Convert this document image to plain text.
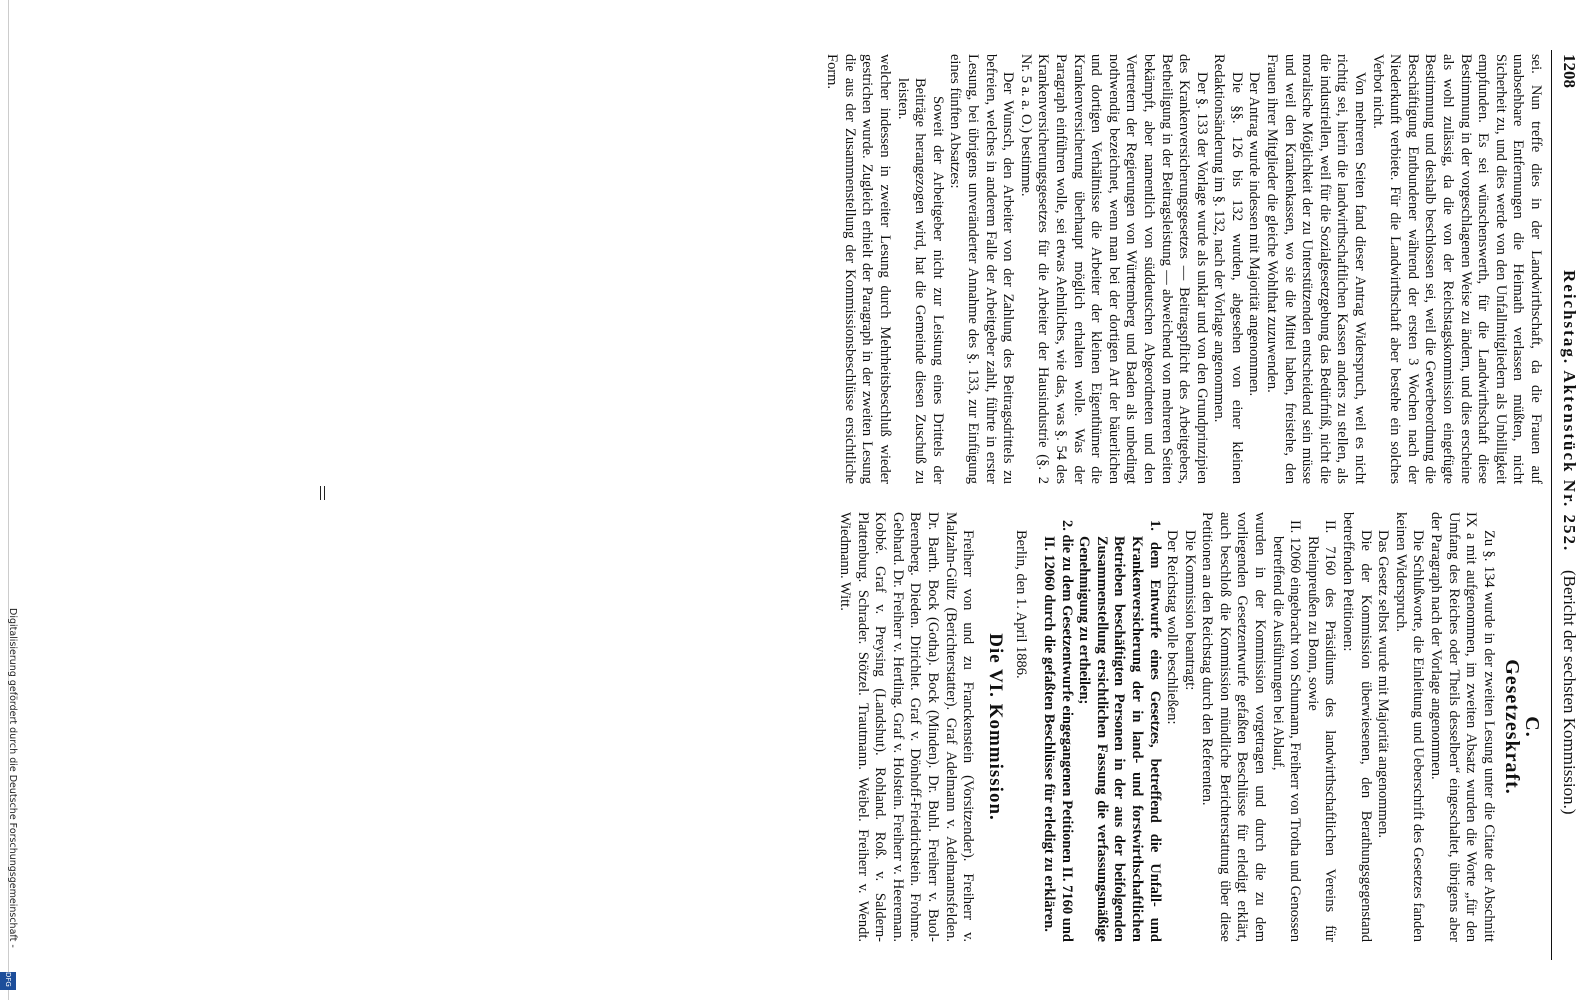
1208
Reichstag. Aktenstück Nr. 252.
(Bericht der sechsten Kommission.)

sei. Nun treffe dies in der Landwirthschaft, da die Frauen auf unabsehbare Entfernungen die Heimath verlassen müßten, nicht Sicherheit zu, und dies werde von den Unfallmitgliedern als Unbilligkeit empfunden. Es sei wünschenswerth, für die Landwirthschaft diese Bestimmung in der vorgeschlagenen Weise zu ändern, und dies erscheine als wohl zulässig, da die von der Reichstagskommission eingefügte Bestimmung und deshalb beschlossen sei, weil die Gewerbeordnung die Beschäftigung Entbundener während der ersten 3 Wochen nach der Niederkunft verbiete. Für die Landwirthschaft aber bestehe ein solches Verbot nicht.

Von mehreren Seiten fand dieser Antrag Widerspruch, weil es nicht richtig sei, hierin die landwirthschaftlichen Kassen anders zu stellen, als die industriellen, weil für die Sozialgesetzgebung das Bedürfniß, nicht die moralische Möglichkeit der zu Unterstützenden entscheidend sein müsse und weil den Krankenkassen, wo sie die Mittel haben, freistehe, den Frauen ihrer Mitglieder die gleiche Wohlthat zuzuwenden.

Der Antrag wurde indessen mit Majorität angenommen.

Die §§. 126 bis 132 wurden, abgesehen von einer kleinen Redaktionsänderung im §. 132, nach der Vorlage angenommen.

Der §. 133 der Vorlage wurde als unklar und von den Grundprinzipien des Krankenversicherungsgesetzes — Beitragspflicht des Arbeitgebers, Betheiligung in der Beitragsleistung — abweichend von mehreren Seiten bekämpft, aber namentlich von süddeutschen Abgeordneten und den Vertretern der Regierungen von Württemberg und Baden als unbedingt nothwendig bezeichnet, wenn man bei der dortigen Art der bäuerlichen und dortigen Verhältnisse die Arbeiter der kleinen Eigenthümer die Krankenversicherung überhaupt möglich erhalten wolle. Was der Paragraph einführen wolle, sei etwas Aehnliches, wie das, was §. 54 des Krankenversicherungsgesetzes für die Arbeiter der Hausindustrie (§. 2 Nr. 5 a. a. O.) bestimme.

Der Wunsch, den Arbeiter von der Zahlung des Beitragsdrittels zu befreien, welches in anderem Falle der Arbeitgeber zahlt, führte in erster Lesung, bei übrigens unveränderter Annahme des §. 133, zur Einfügung eines fünften Absatzes:

Soweit der Arbeitgeber nicht zur Leistung eines Drittels der Beiträge herangezogen wird, hat die Gemeinde diesen Zuschuß zu leisten.

welcher indessen in zweiter Lesung durch Mehrheitsbeschluß wieder gestrichen wurde. Zugleich erhielt der Paragraph in der zweiten Lesung die aus der Zusammenstellung der Kommissionsbeschlüsse ersichtliche Form.

C.
Gesetzeskraft.

Zu §. 134 wurde in der zweiten Lesung unter die Citate der Abschnitt IX a mit aufgenommen, im zweiten Absatz wurden die Worte „für den Umfang des Reiches oder Theils desselben“ eingeschaltet, übrigens aber der Paragraph nach der Vorlage angenommen.

Die Schlußworte, die Einleitung und Ueberschrift des Gesetzes fanden keinen Widerspruch.

Das Gesetz selbst wurde mit Majorität angenommen.

Die der Kommission überwiesenen, den Berathungsgegenstand betreffenden Petitionen:

II. 7160 des Präsidiums des landwirthschaftlichen Vereins für Rheinpreußen zu Bonn, sowie

II. 12060 eingebracht von Schumann, Freiherr von Trotha und Genossen betreffend die Ausführungen bei Ablauf,

wurden in der Kommission vorgetragen und durch die zu dem vorliegenden Gesetzentwurfe gefaßten Beschlüsse für erledigt erklärt, auch beschloß die Kommission mündliche Berichterstattung über diese Petitionen an den Reichstag durch den Referenten.

Die Kommission beantragt:

Der Reichstag wolle beschließen:

1. dem Entwurfe eines Gesetzes, betreffend die Unfall- und Krankenversicherung der in land- und forstwirthschaftlichen Betrieben beschäftigten Personen in der aus der beifolgenden Zusammenstellung ersichtlichen Fassung die verfassungsmäßige Genehmigung zu ertheilen;

2. die zu dem Gesetzentwurfe eingegangenen Petitionen II. 7160 und II. 12060 durch die gefaßten Beschlüsse für erledigt zu erklären.

Berlin, den 1. April 1886.

Die VI. Kommission.

Freiherr von und zu Franckenstein (Vorsitzender). Freiherr v. Malzahn-Gültz (Berichterstatter). Graf Adelmann v. Adelmannsfelden. Dr. Barth. Bock (Gotha). Bock (Minden). Dr. Buhl. Freiherr v. Buol-Berenberg. Dieden. Dirichlet. Graf v. Dönhoff-Friedrichstein. Frohme. Gebhard. Dr. Freiherr v. Hertling. Graf v. Holstein. Freiherr v. Heereman. Kobbé. Graf v. Preysing (Landshut). Rohland. Roß. v. Saldern-Plattenburg. Schrader. Stötzel. Trautmann. Weibel. Freiherr v. Wendt. Wiedmann. Witt.

Digitalisierung gefördert durch die Deutsche Forschungsgemeinschaft -
DFG
